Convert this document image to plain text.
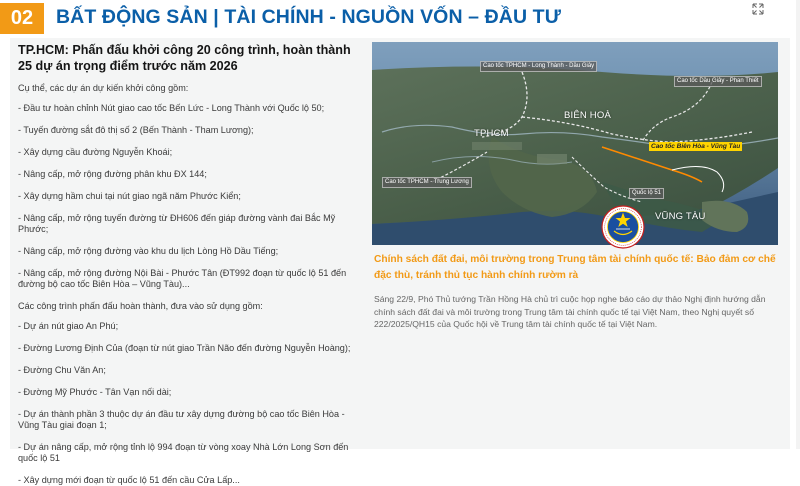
02	BẤT ĐỘNG SẢN | TÀI CHÍNH - NGUỒN VỐN – ĐẦU TƯ
TP.HCM: Phấn đấu khởi công 20 công trình, hoàn thành 25 dự án trọng điểm trước năm 2026
Cụ thể, các dự án dự kiến khởi công gồm:
- Đầu tư hoàn chỉnh Nút giao cao tốc Bến Lức - Long Thành với Quốc lộ 50;
- Tuyến đường sắt đô thị số 2 (Bến Thành - Tham Lương);
- Xây dựng cầu đường Nguyễn Khoái;
- Nâng cấp, mở rộng đường phân khu ĐX 144;
- Xây dựng hầm chui tại nút giao ngã năm Phước Kiển;
- Nâng cấp, mở rộng tuyến đường từ ĐH606 đến giáp đường vành đai Bắc Mỹ Phước;
- Nâng cấp, mở rộng đường vào khu du lịch Lòng Hồ Dầu Tiếng;
- Nâng cấp, mở rộng đường Nội Bài - Phước Tân (ĐT992 đoạn từ quốc lộ 51 đến đường bộ cao tốc Biên Hòa – Vũng Tàu)...
Các công trình phấn đấu hoàn thành, đưa vào sử dụng gồm:
- Dự án nút giao An Phú;
- Đường Lương Định Của (đoạn từ nút giao Trần Não đến đường Nguyễn Hoàng);
- Đường Chu Văn An;
- Đường Mỹ Phước - Tân Vạn nối dài;
- Dự án thành phần 3 thuộc dự án đầu tư xây dựng đường bộ cao tốc Biên Hòa - Vũng Tàu giai đoạn 1;
- Dự án nâng cấp, mở rộng tỉnh lộ 994 đoạn từ vòng xoay Nhà Lớn Long Sơn đến quốc lộ 51
- Xây dựng mới đoạn từ quốc lộ 51 đến cầu Cửa Lấp...
Cao tốc TPHCM - Long Thành - Dầu Giây
Cao tốc Dầu Giây - Phan Thiết
Cao tốc Biên Hòa - Vũng Tàu
Cao tốc TPHCM - Trung Lương
Quốc lộ 51
BIÊN HOÀ
TPHCM
VŨNG TÀU
Chính sách đất đai, môi trường trong Trung tâm tài chính quốc tế: Bảo đảm cơ chế đặc thù, tránh thủ tục hành chính rườm rà
Sáng 22/9, Phó Thủ tướng Trần Hồng Hà chủ trì cuộc họp nghe báo cáo dự thảo Nghị định hướng dẫn chính sách đất đai và môi trường trong Trung tâm tài chính quốc tế tại Việt Nam, theo Nghị quyết số 222/2025/QH15 của Quốc hội về Trung tâm tài chính quốc tế tại Việt Nam.
